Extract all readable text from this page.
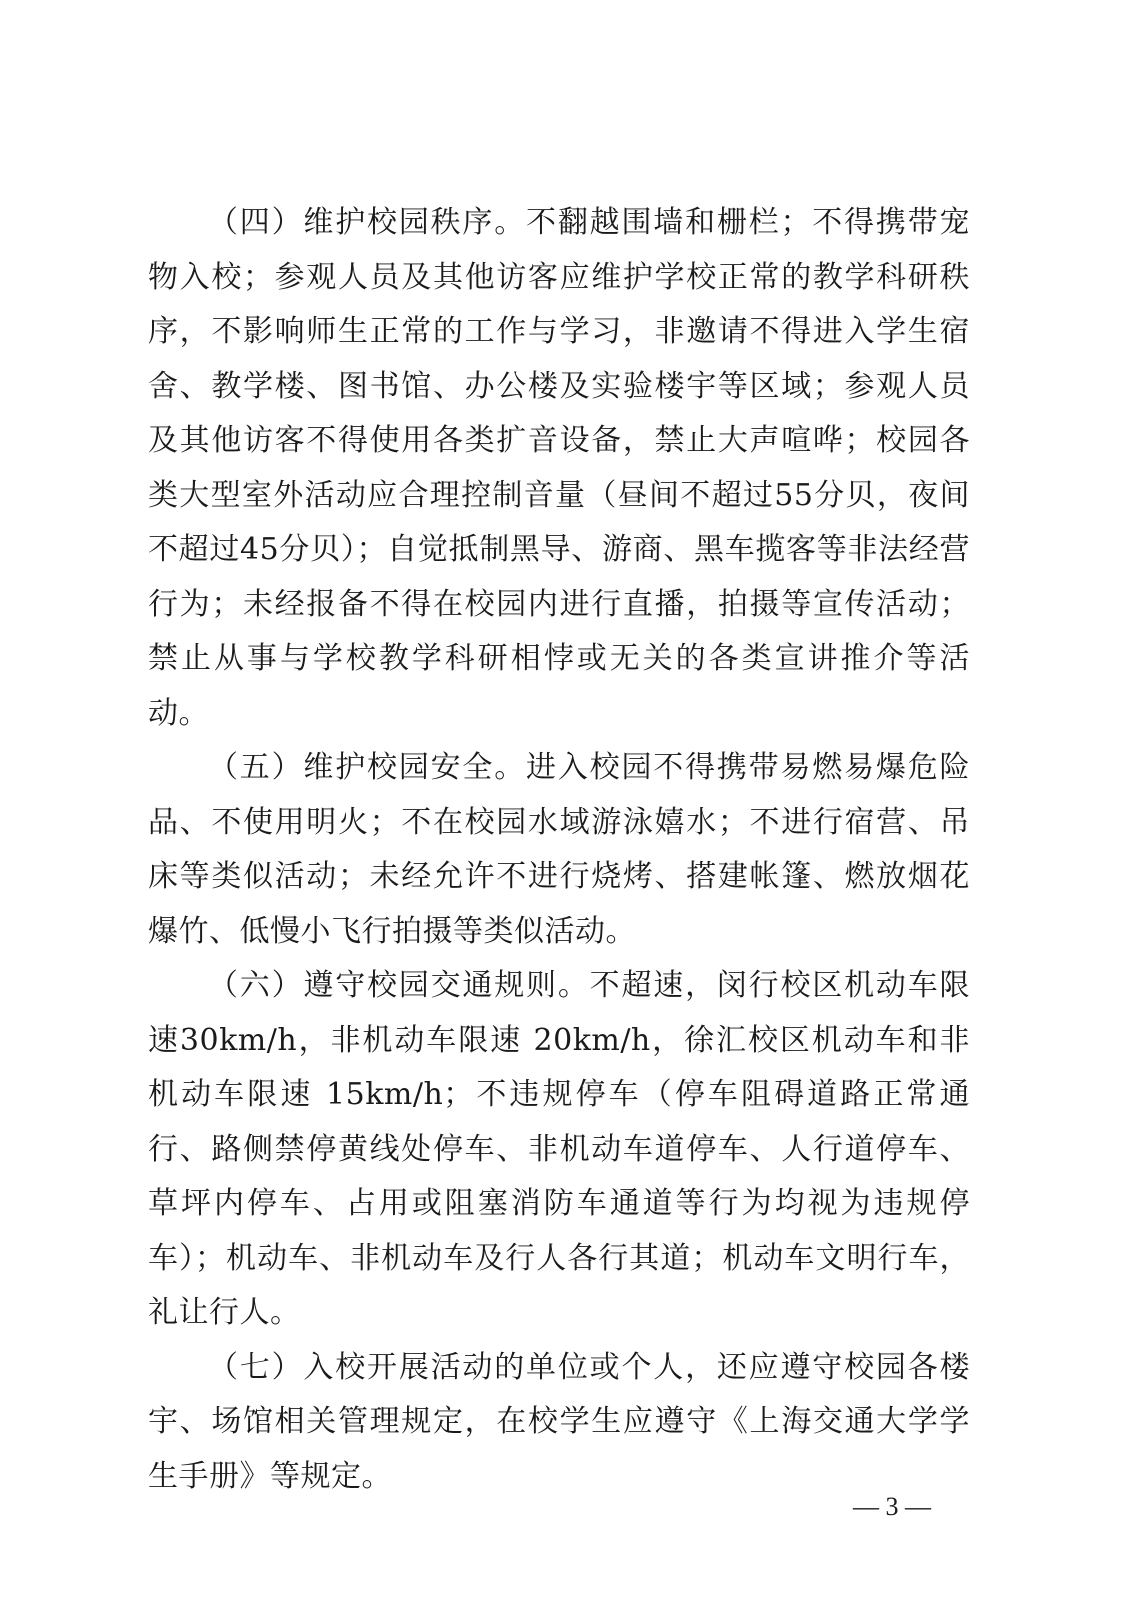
（四）维护校园秩序。不翻越围墙和栅栏；不得携带宠物入校；参观人员及其他访客应维护学校正常的教学科研秩序，不影响师生正常的工作与学习，非邀请不得进入学生宿舍、教学楼、图书馆、办公楼及实验楼宇等区域；参观人员及其他访客不得使用各类扩音设备，禁止大声喧哗；校园各类大型室外活动应合理控制音量（昼间不超过55分贝，夜间不超过45分贝）；自觉抵制黑导、游商、黑车揽客等非法经营行为；未经报备不得在校园内进行直播，拍摄等宣传活动；禁止从事与学校教学科研相悖或无关的各类宣讲推介等活动。

（五）维护校园安全。进入校园不得携带易燃易爆危险品、不使用明火；不在校园水域游泳嬉水；不进行宿营、吊床等类似活动；未经允许不进行烧烤、搭建帐篷、燃放烟花爆竹、低慢小飞行拍摄等类似活动。

（六）遵守校园交通规则。不超速，闵行校区机动车限速30km/h，非机动车限速 20km/h，徐汇校区机动车和非机动车限速 15km/h；不违规停车（停车阻碍道路正常通行、路侧禁停黄线处停车、非机动车道停车、人行道停车、草坪内停车、占用或阻塞消防车通道等行为均视为违规停车）；机动车、非机动车及行人各行其道；机动车文明行车，礼让行人。

（七）入校开展活动的单位或个人，还应遵守校园各楼宇、场馆相关管理规定，在校学生应遵守《上海交通大学学生手册》等规定。

— 3 —
